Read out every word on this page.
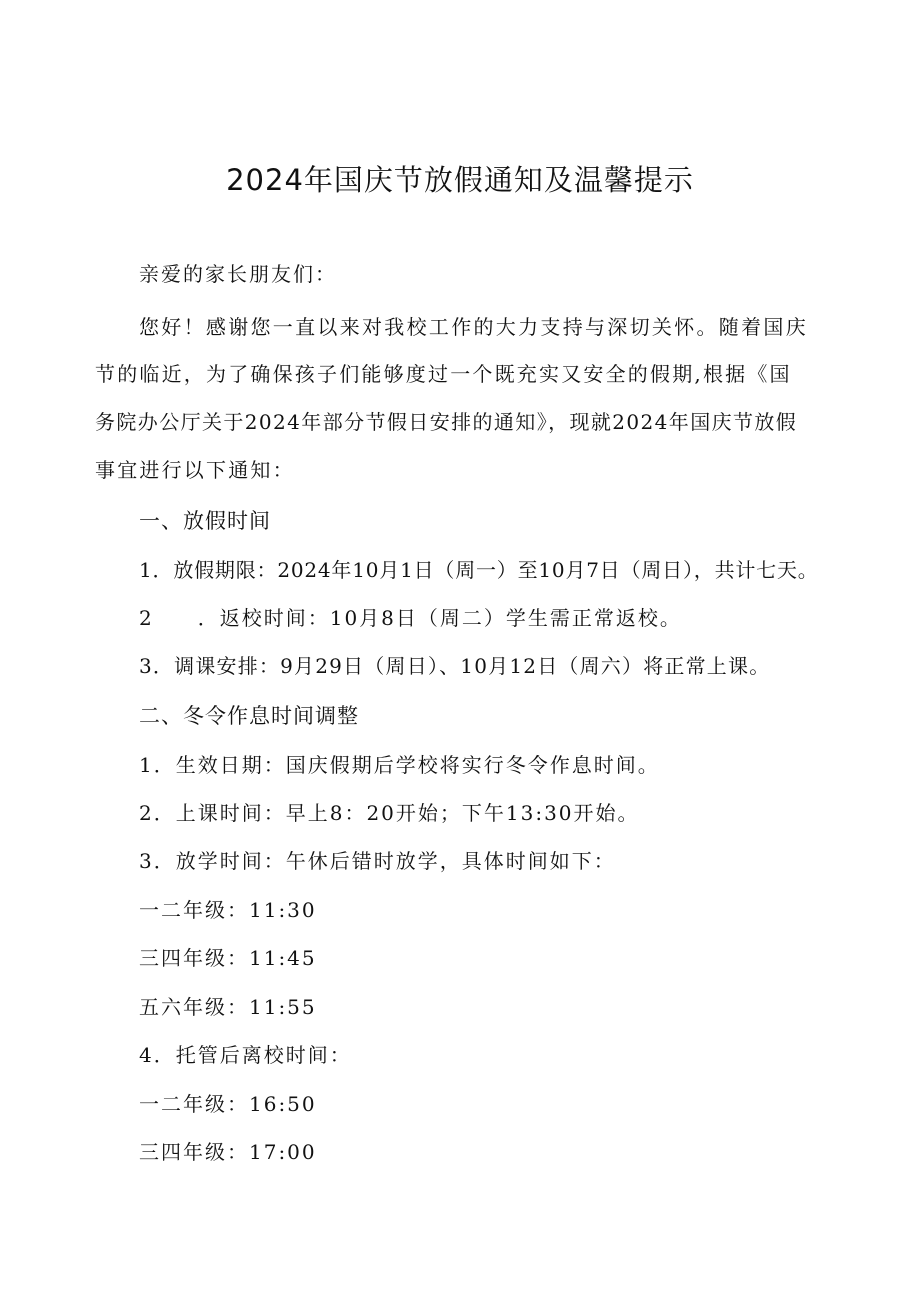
2024年国庆节放假通知及温馨提示
亲爱的家长朋友们：
您好！感谢您一直以来对我校工作的大力支持与深切关怀。随着国庆
节的临近，为了确保孩子们能够度过一个既充实又安全的假期,根据《国
务院办公厅关于2024年部分节假日安排的通知》，现就2024年国庆节放假
事宜进行以下通知：
一、放假时间
1．放假期限：2024年10月1日（周一）至10月7日（周日），共计七天。
2　　．返校时间：10月8日（周二）学生需正常返校。
3．调课安排：9月29日（周日）、10月12日（周六）将正常上课。
二、冬令作息时间调整
1．生效日期：国庆假期后学校将实行冬令作息时间。
2．上课时间：早上8：20开始；下午13:30开始。
3．放学时间：午休后错时放学，具体时间如下：
一二年级：11:30
三四年级：11:45
五六年级：11:55
4．托管后离校时间：
一二年级：16:50
三四年级：17:00
